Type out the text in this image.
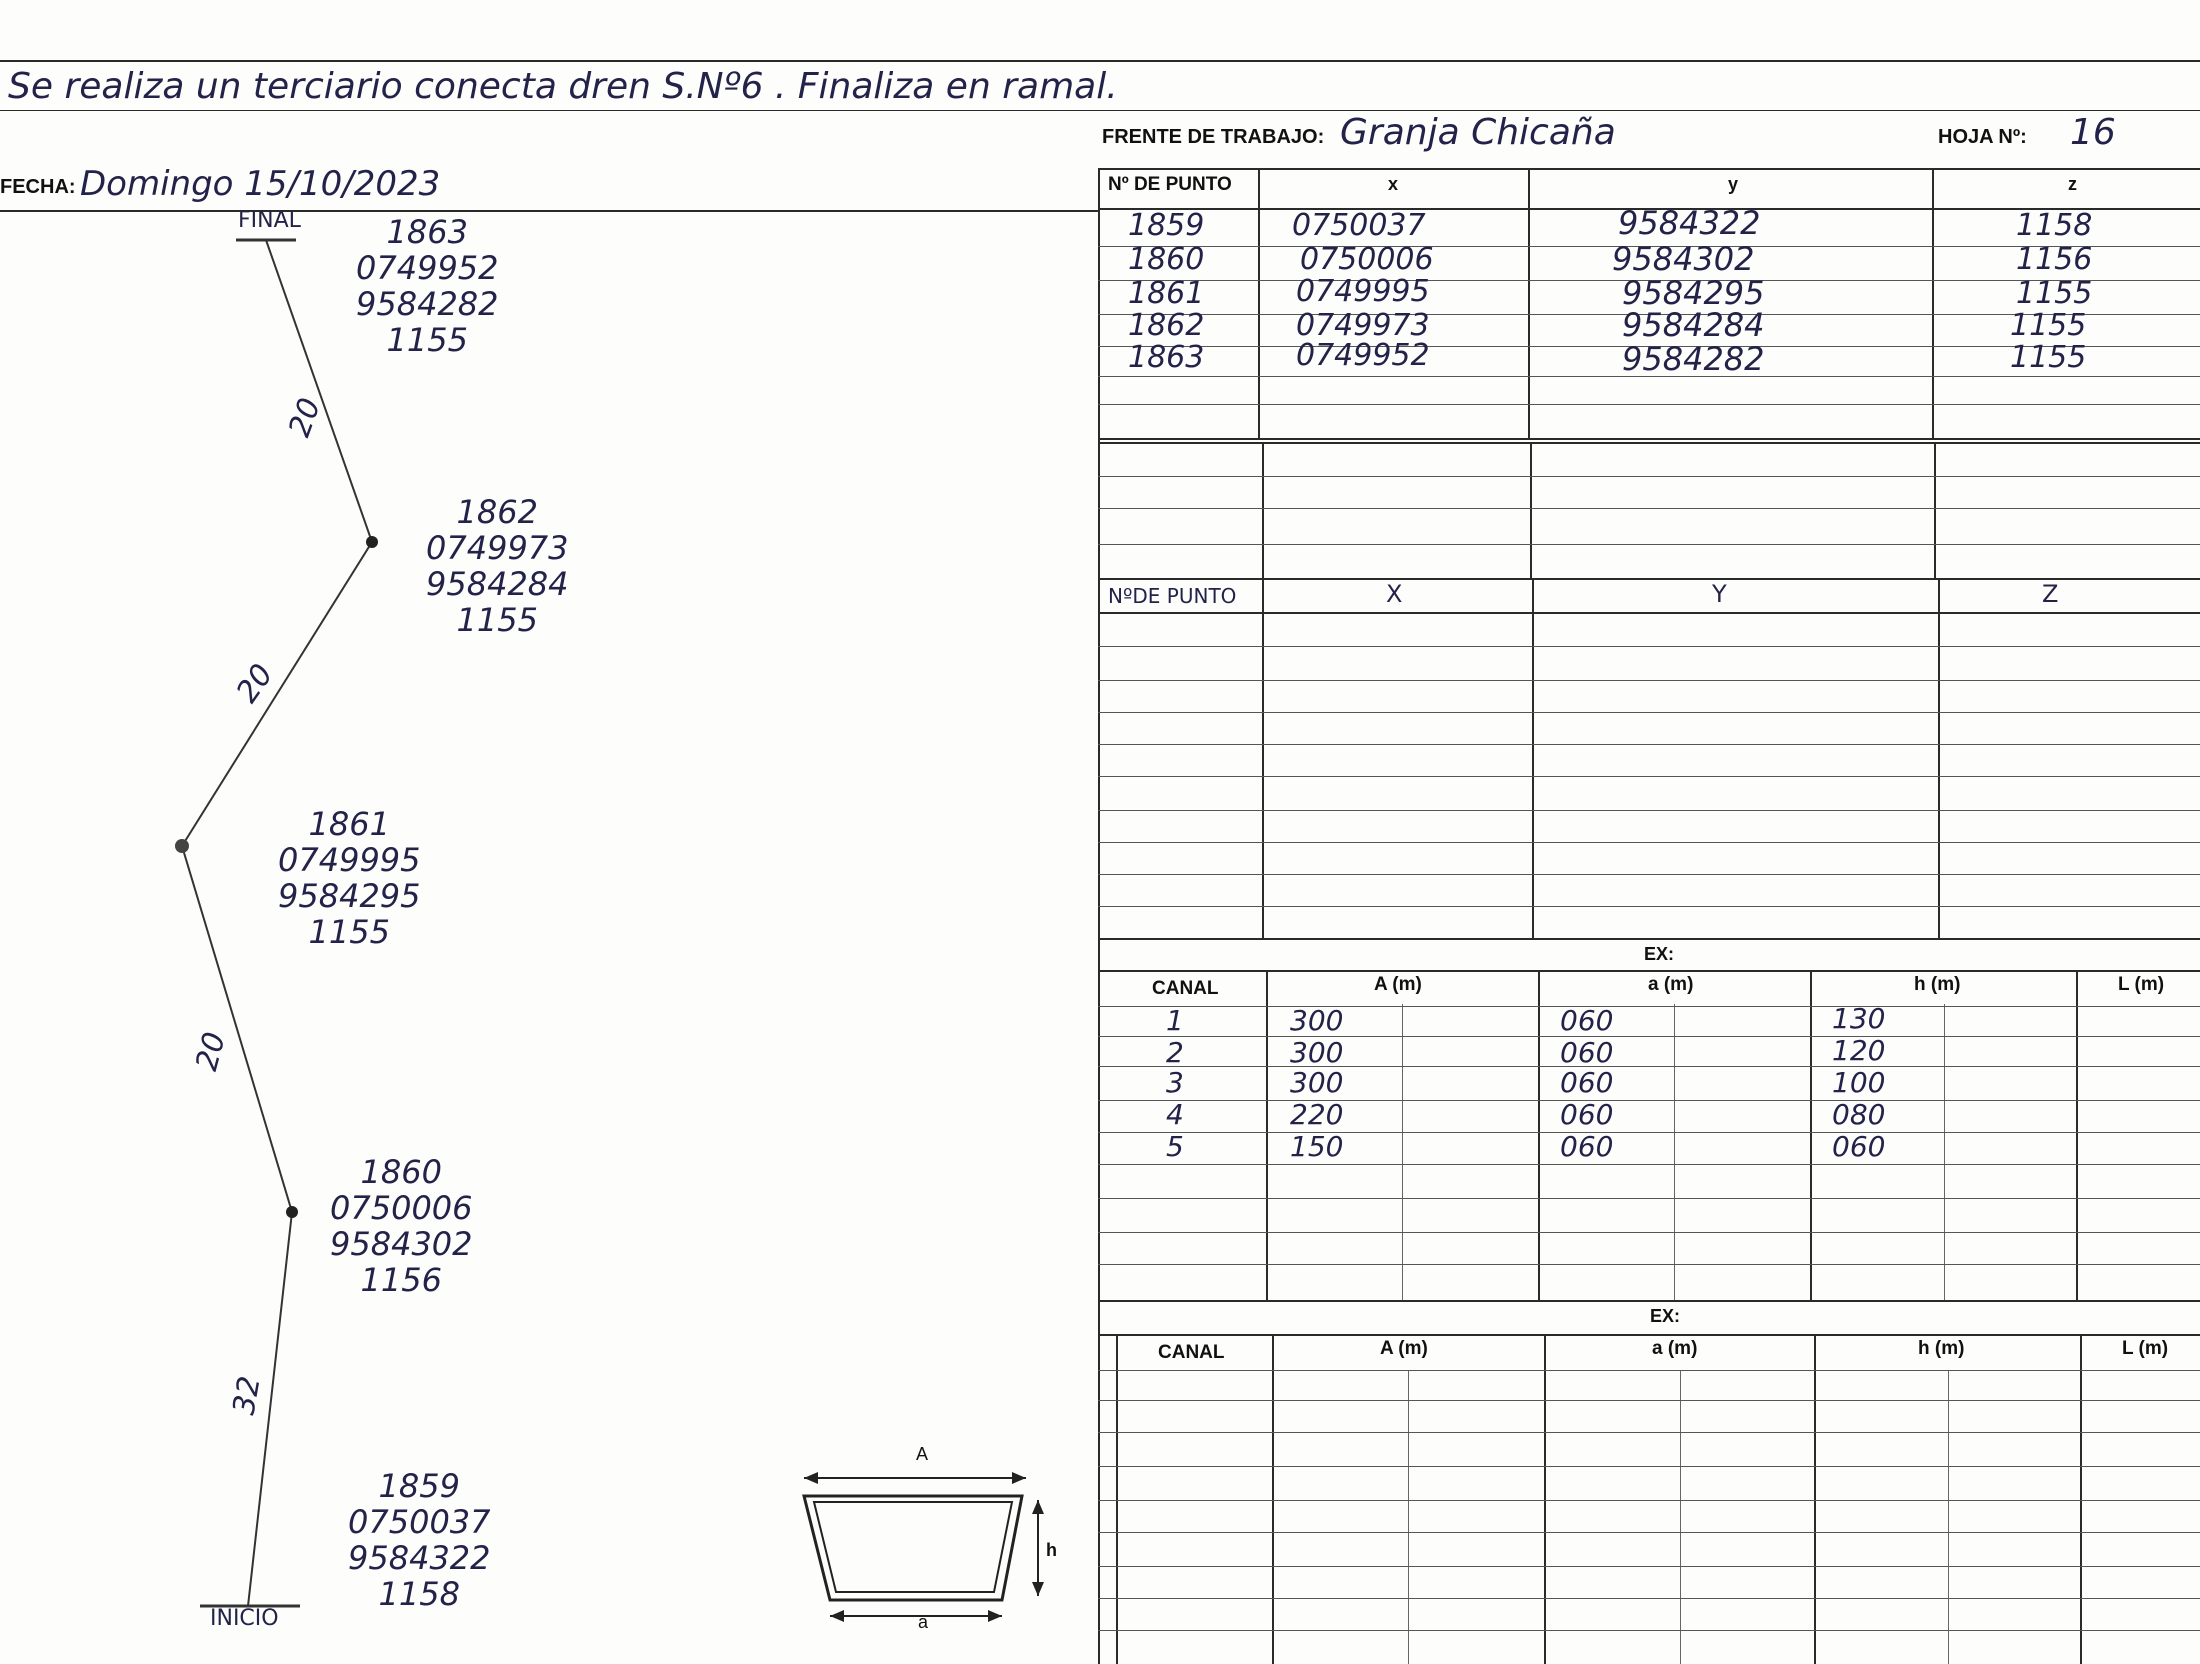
Se realiza un terciario conecta dren S.Nº6 . Finaliza en ramal.
FRENTE DE TRABAJO: Granja Chicaña	HOJA Nº: 16
FECHA: Domingo 15/10/2023
FINAL
INICIO
1863
0749952
9584282
1155
1862
0749973
9584284
1155
1861
0749995
9584295
1155
1860
0750006
9584302
1156
1859
0750037
9584322
1158
20
20
20
32
A
h
a
Nº DE PUNTO	x	y	z
1859	0750037	9584322	1158
1860	0750006	9584302	1156
1861	0749995	9584295	1155
1862	0749973	9584284	1155
1863	0749952	9584282	1155
NºDE PUNTO	X	Y	Z
EX:
CANAL	A (m)	a (m)	h (m)	L (m)
1	300	060	130
2	300	060	120
3	300	060	100
4	220	060	080
5	150	060	060
EX:
CANAL	A (m)	a (m)	h (m)	L (m)
